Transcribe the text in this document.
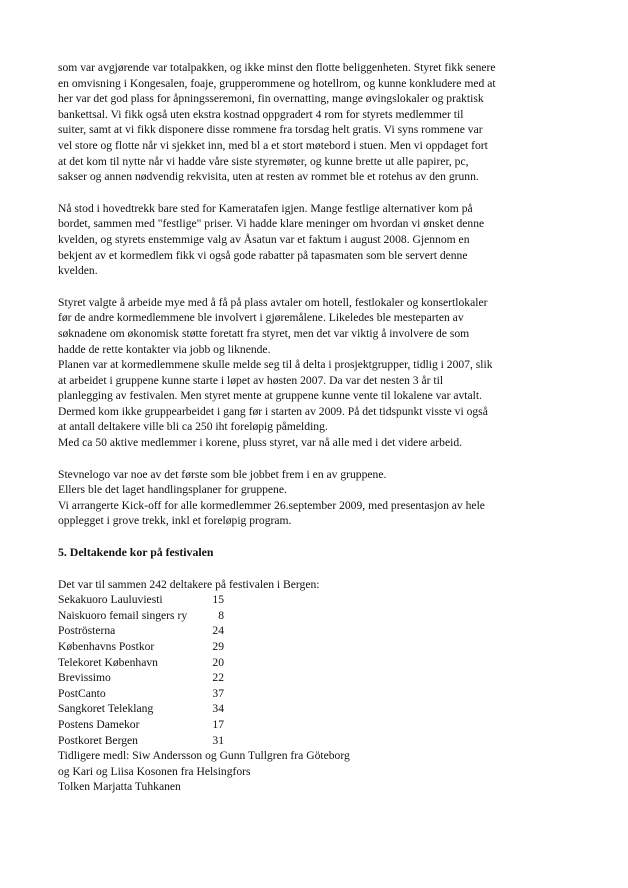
som var avgjørende var totalpakken, og ikke minst den flotte beliggenheten. Styret fikk senere
en omvisning i Kongesalen, foaje, grupperommene og hotellrom, og kunne konkludere med at
her var det god plass for åpningsseremoni, fin overnatting, mange øvingslokaler og praktisk
bankettsal. Vi fikk også uten ekstra kostnad oppgradert 4 rom for styrets medlemmer til
suiter, samt at vi fikk disponere disse rommene fra torsdag helt gratis. Vi syns rommene var
vel store og flotte når vi sjekket inn, med bl a et stort møtebord i stuen. Men vi oppdaget fort
at det kom til nytte når vi hadde våre siste styremøter, og kunne brette ut alle papirer, pc,
sakser og annen nødvendig rekvisita, uten at resten av rommet ble et rotehus av den grunn.
Nå stod i hovedtrekk bare sted for Kameratafen igjen. Mange festlige alternativer kom på
bordet, sammen med "festlige" priser. Vi hadde klare meninger om hvordan vi ønsket denne
kvelden, og styrets enstemmige valg av Åsatun var et faktum i august 2008. Gjennom en
bekjent av et kormedlem fikk vi også gode rabatter på tapasmaten som ble servert denne
kvelden.
Styret valgte å arbeide mye med å få på plass avtaler om hotell, festlokaler og konsertlokaler
før de andre kormedlemmene ble involvert i gjøremålene. Likeledes ble mesteparten av
søknadene om økonomisk støtte foretatt fra styret, men det var viktig å involvere de som
hadde de rette kontakter via jobb og liknende.
Planen var at kormedlemmene skulle melde seg til å delta i prosjektgrupper, tidlig i 2007, slik
at arbeidet i gruppene kunne starte i løpet av høsten 2007. Da var det nesten 3 år til
planlegging av festivalen. Men styret mente at gruppene kunne vente til lokalene var avtalt.
Dermed kom ikke gruppearbeidet i gang før i starten av 2009. På det tidspunkt visste vi også
at antall deltakere ville bli ca 250 iht foreløpig påmelding.
Med ca 50 aktive medlemmer i korene, pluss styret, var nå alle med i det videre arbeid.
Stevnelogo var noe av det første som ble jobbet frem i en av gruppene.
Ellers ble det laget handlingsplaner for gruppene.
Vi arrangerte Kick-off for alle kormedlemmer 26.september 2009, med presentasjon av hele
opplegget i grove trekk, inkl et foreløpig program.
5. Deltakende kor på festivalen
Det var til sammen 242 deltakere på festivalen i Bergen:
Sekakuoro Lauluviesti	15
Naiskuoro femail singers ry	8
Poströsterna	24
Københavns Postkor	29
Telekoret København	20
Brevissimo	22
PostCanto	37
Sangkoret Teleklang	34
Postens Damekor	17
Postkoret Bergen	31
Tidligere medl: Siw Andersson og Gunn Tullgren fra Göteborg
og Kari og Liisa Kosonen fra Helsingfors
Tolken Marjatta Tuhkanen
